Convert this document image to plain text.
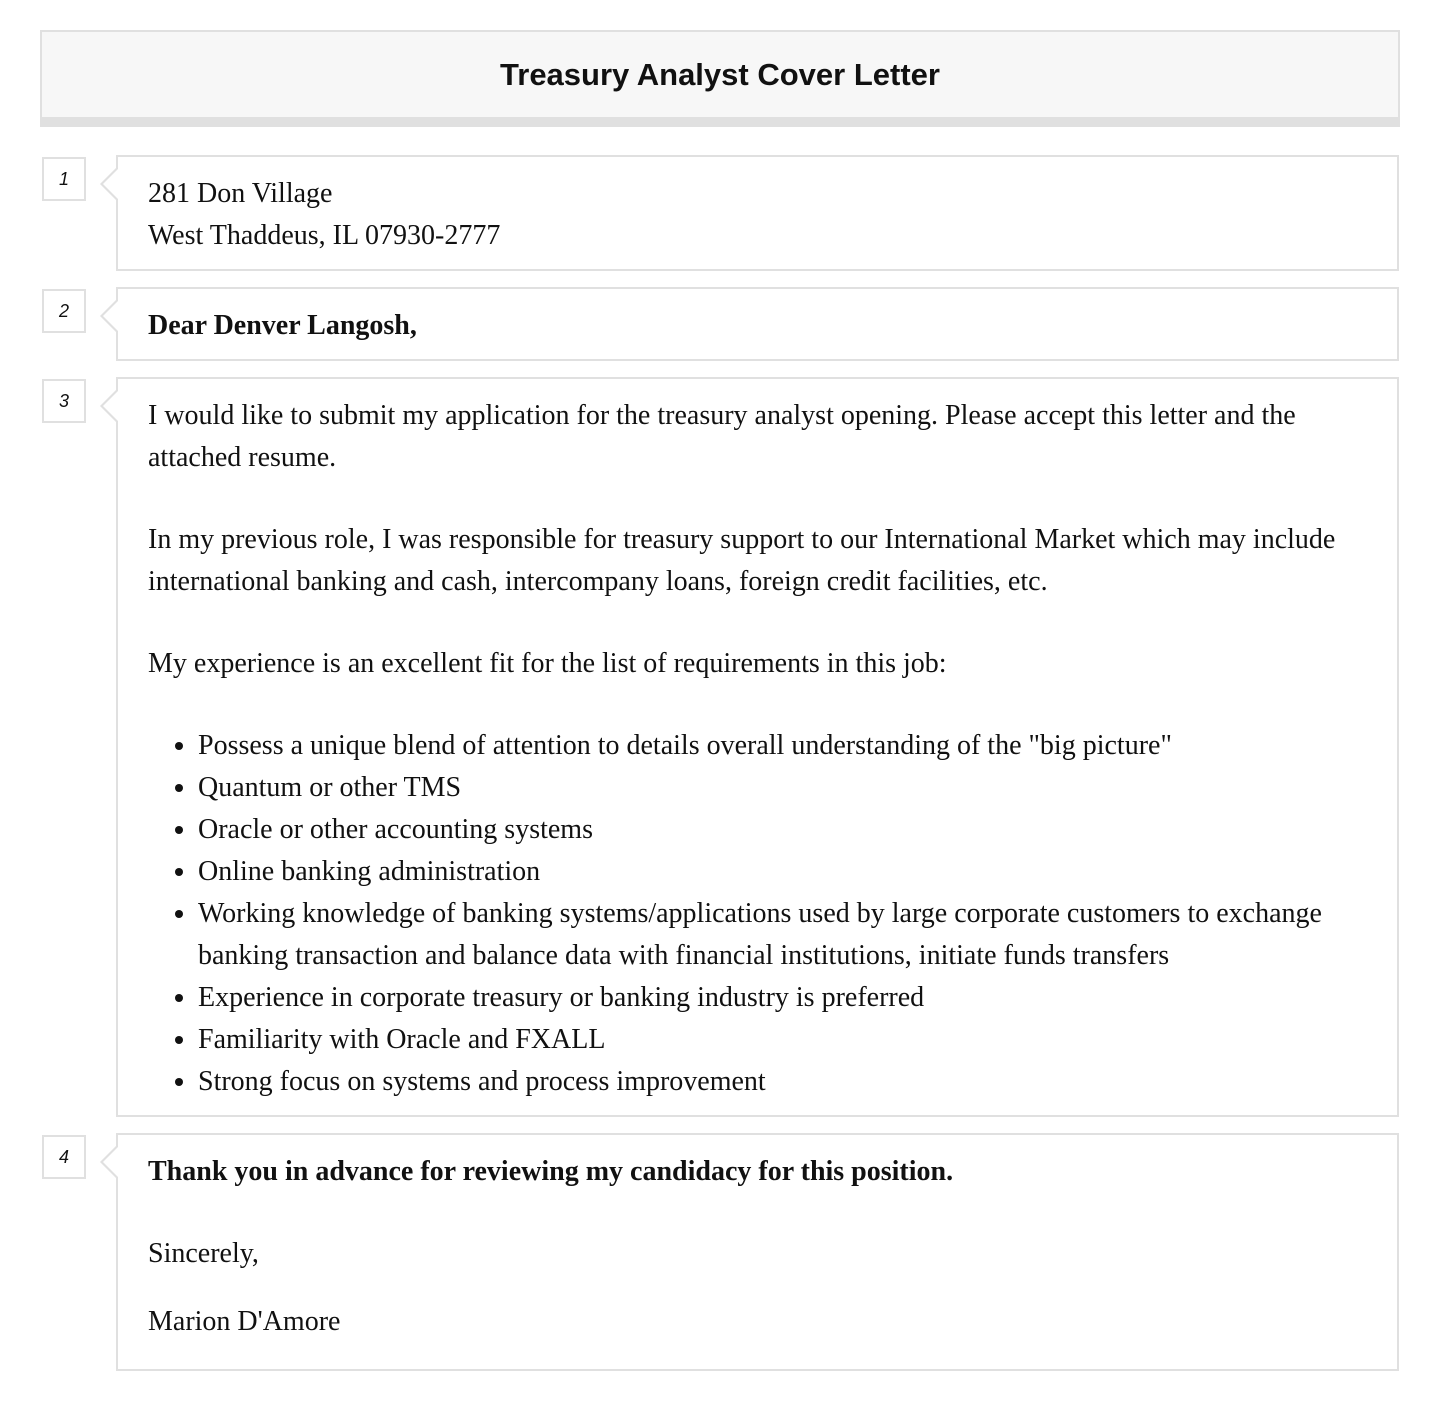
Treasury Analyst Cover Letter
1	281 Don Village

West Thaddeus, IL 07930-2777

2	Dear Denver Langosh,

3	I would like to submit my application for the treasury analyst opening. Please accept this letter and the attached resume.

In my previous role, I was responsible for treasury support to our International Market which may include international banking and cash, intercompany loans, foreign credit facilities, etc.

My experience is an excellent fit for the list of requirements in this job:

• Possess a unique blend of attention to details overall understanding of the "big picture"
• Quantum or other TMS
• Oracle or other accounting systems
• Online banking administration
• Working knowledge of banking systems/applications used by large corporate customers to exchange banking transaction and balance data with financial institutions, initiate funds transfers
• Experience in corporate treasury or banking industry is preferred
• Familiarity with Oracle and FXALL
• Strong focus on systems and process improvement
4	Thank you in advance for reviewing my candidacy for this position.

Sincerely,

Marion D'Amore
